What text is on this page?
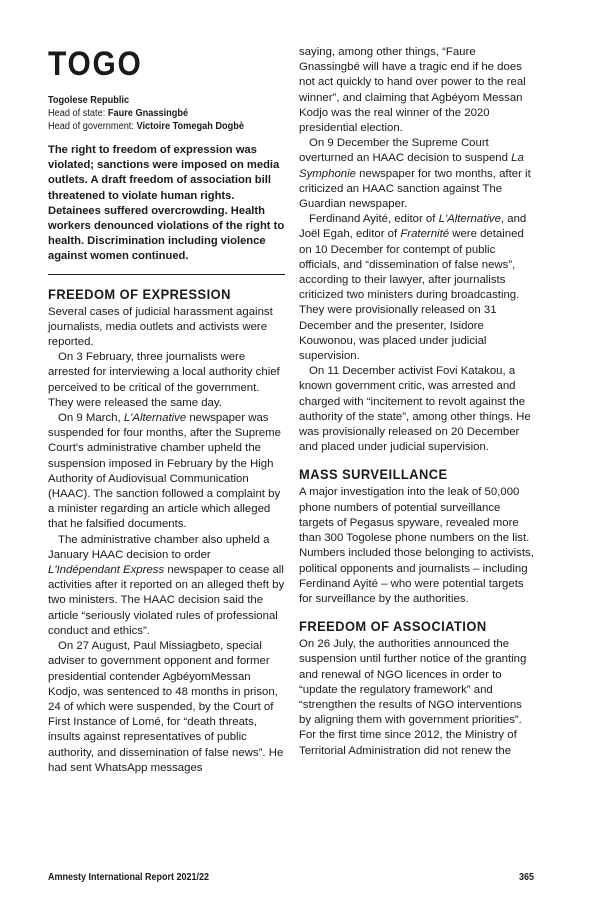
TOGO
Togolese Republic
Head of state: Faure Gnassingbé
Head of government: Victoire Tomegah Dogbè
The right to freedom of expression was violated; sanctions were imposed on media outlets. A draft freedom of association bill threatened to violate human rights. Detainees suffered overcrowding. Health workers denounced violations of the right to health. Discrimination including violence against women continued.
FREEDOM OF EXPRESSION

Several cases of judicial harassment against journalists, media outlets and activists were reported.

On 3 February, three journalists were arrested for interviewing a local authority chief perceived to be critical of the government. They were released the same day.

On 9 March, L'Alternative newspaper was suspended for four months, after the Supreme Court's administrative chamber upheld the suspension imposed in February by the High Authority of Audiovisual Communication (HAAC). The sanction followed a complaint by a minister regarding an article which alleged that he falsified documents.

The administrative chamber also upheld a January HAAC decision to order L'Indépendant Express newspaper to cease all activities after it reported on an alleged theft by two ministers. The HAAC decision said the article “seriously violated rules of professional conduct and ethics”.

On 27 August, Paul Missiagbeto, special adviser to government opponent and former presidential contender AgbéyomMessan Kodjo, was sentenced to 48 months in prison, 24 of which were suspended, by the Court of First Instance of Lomé, for “death threats, insults against representatives of public authority, and dissemination of false news”. He had sent WhatsApp messages

saying, among other things, “Faure Gnassingbé will have a tragic end if he does not act quickly to hand over power to the real winner”, and claiming that Agbéyom Messan Kodjo was the real winner of the 2020 presidential election.

On 9 December the Supreme Court overturned an HAAC decision to suspend La Symphonie newspaper for two months, after it criticized an HAAC sanction against The Guardian newspaper.

Ferdinand Ayité, editor of L'Alternative, and Joël Egah, editor of Fraternité were detained on 10 December for contempt of public officials, and “dissemination of false news”, according to their lawyer, after journalists criticized two ministers during broadcasting. They were provisionally released on 31 December and the presenter, Isidore Kouwonou, was placed under judicial supervision.

On 11 December activist Fovi Katakou, a known government critic, was arrested and charged with “incitement to revolt against the authority of the state”, among other things. He was provisionally released on 20 December and placed under judicial supervision.

MASS SURVEILLANCE

A major investigation into the leak of 50,000 phone numbers of potential surveillance targets of Pegasus spyware, revealed more than 300 Togolese phone numbers on the list. Numbers included those belonging to activists, political opponents and journalists – including Ferdinand Ayité – who were potential targets for surveillance by the authorities.

FREEDOM OF ASSOCIATION

On 26 July, the authorities announced the suspension until further notice of the granting and renewal of NGO licences in order to “update the regulatory framework” and “strengthen the results of NGO interventions by aligning them with government priorities”. For the first time since 2012, the Ministry of Territorial Administration did not renew the

Amnesty International Report 2021/22	365
